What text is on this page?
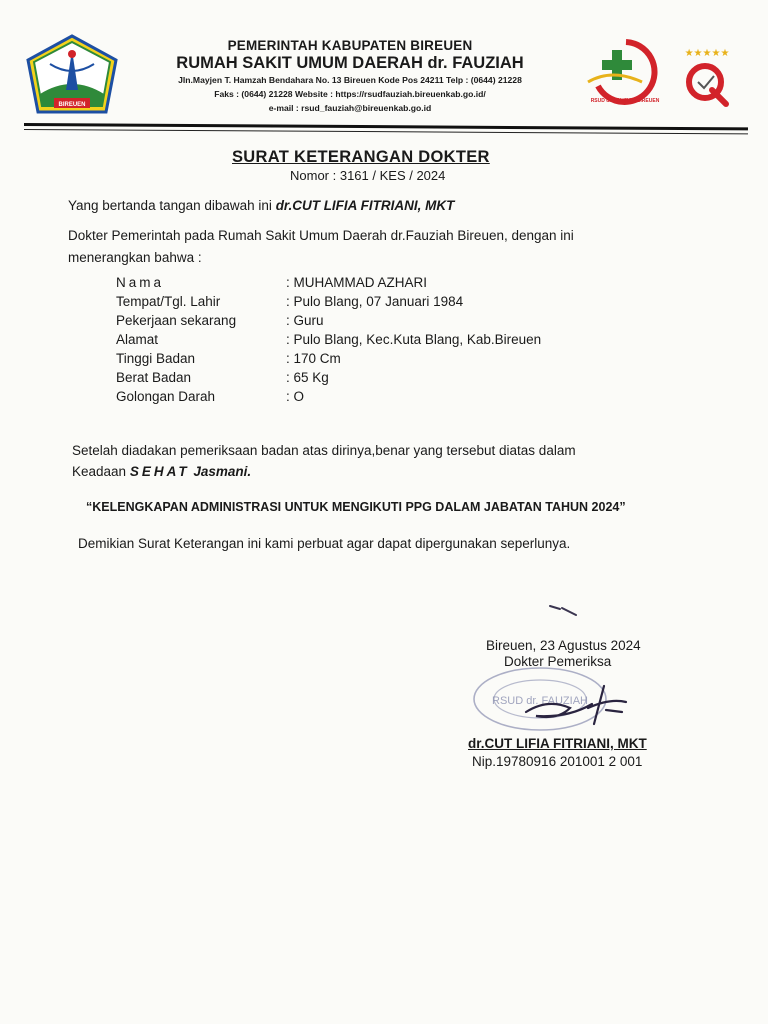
BIREUEN
PEMERINTAH KABUPATEN BIREUEN
RUMAH SAKIT UMUM DAERAH dr. FAUZIAH
Jln.Mayjen T. Hamzah Bendahara No. 13 Bireuen Kode Pos 24211 Telp : (0644) 21228
Faks : (0644) 21228 Website : https://rsudfauziah.bireuenkab.go.id/
e-mail : rsud_fauziah@bireuenkab.go.id
RSUD dr. FAUZIAH BIREUEN
★★★★★
SURAT KETERANGAN DOKTER
Nomor : 3161 / KES / 2024
Yang bertanda tangan dibawah ini dr.CUT LIFIA FITRIANI, MKT
Dokter Pemerintah pada Rumah Sakit Umum Daerah dr.Fauziah Bireuen, dengan ini
menerangkan bahwa :
Nama	: MUHAMMAD AZHARI
Tempat/Tgl. Lahir	: Pulo Blang, 07 Januari 1984
Pekerjaan sekarang	: Guru
Alamat	: Pulo Blang, Kec.Kuta Blang, Kab.Bireuen
Tinggi Badan	: 170 Cm
Berat Badan	: 65 Kg
Golongan Darah	: O
Setelah diadakan pemeriksaan badan atas dirinya,benar yang tersebut diatas dalam
Keadaan SEHAT Jasmani.
“KELENGKAPAN ADMINISTRASI UNTUK MENGIKUTI PPG DALAM JABATAN TAHUN 2024”
Demikian Surat Keterangan ini kami perbuat agar dapat dipergunakan seperlunya.
Bireuen, 23 Agustus 2024
Dokter Pemeriksa
RSUD dr. FAUZIAH
dr.CUT LIFIA FITRIANI, MKT
Nip.19780916 201001 2 001
